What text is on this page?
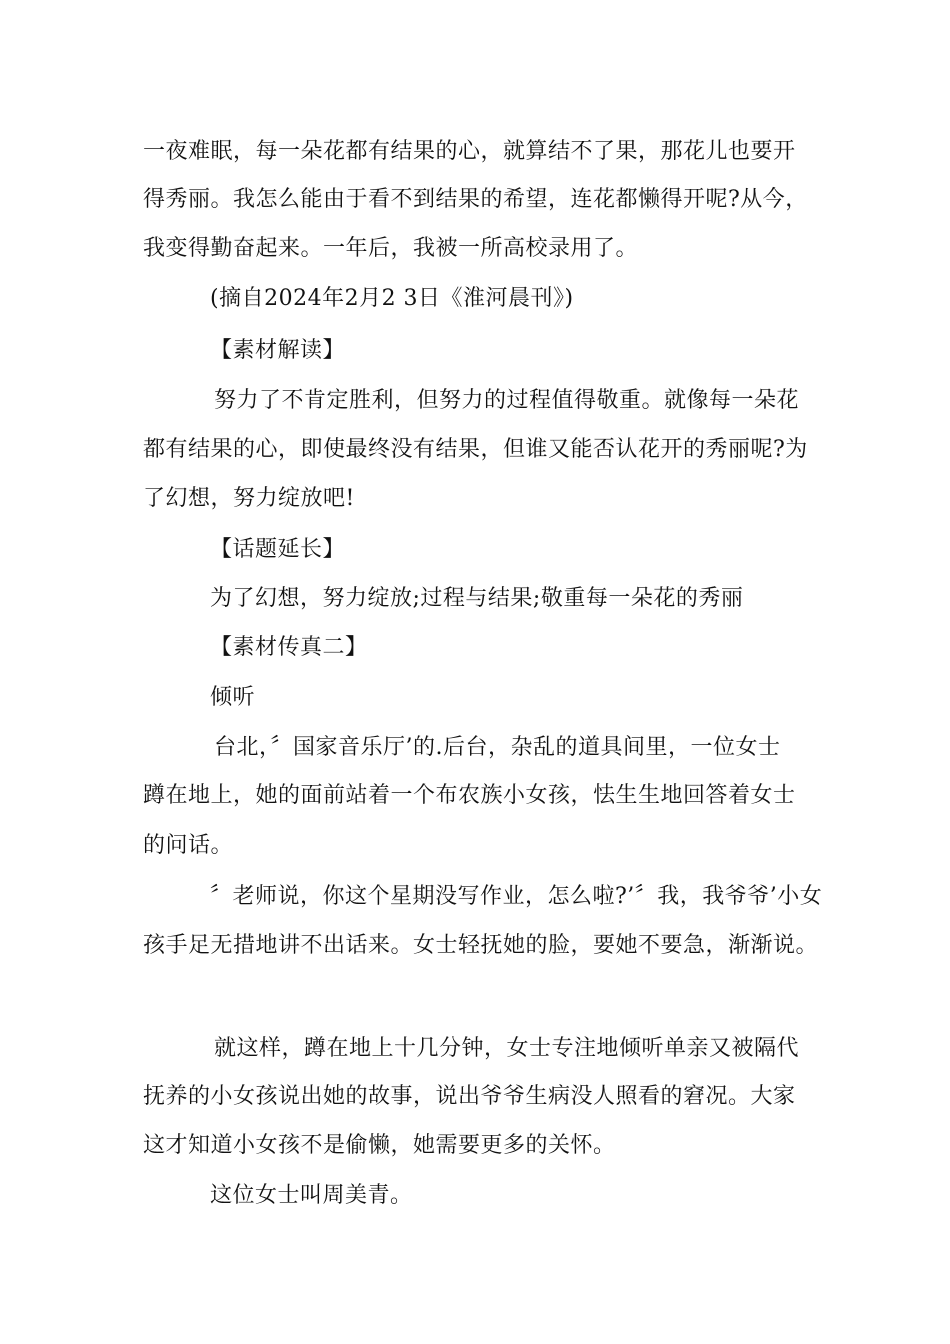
一夜难眠，每一朵花都有结果的心，就算结不了果，那花儿也要开
得秀丽。我怎么能由于看不到结果的希望，连花都懒得开呢?从今，
我变得勤奋起来。一年后，我被一所高校录用了。
(摘自2024年2月2 3日《淮河晨刊》)
【素材解读】
努力了不肯定胜利，但努力的过程值得敬重。就像每一朵花
都有结果的心，即使最终没有结果，但谁又能否认花开的秀丽呢?为
了幻想，努力绽放吧!
【话题延长】
为了幻想，努力绽放;过程与结果;敬重每一朵花的秀丽
【素材传真二】
倾听
台北，〞国家音乐厅’的.后台，杂乱的道具间里，一位女士
蹲在地上，她的面前站着一个布农族小女孩，怯生生地回答着女士
的问话。
〞老师说，你这个星期没写作业，怎么啦?’〞我，我爷爷’小女
孩手足无措地讲不出话来。女士轻抚她的脸，要她不要急，渐渐说。
就这样，蹲在地上十几分钟，女士专注地倾听单亲又被隔代
抚养的小女孩说出她的故事，说出爷爷生病没人照看的窘况。大家
这才知道小女孩不是偷懒，她需要更多的关怀。
这位女士叫周美青。
